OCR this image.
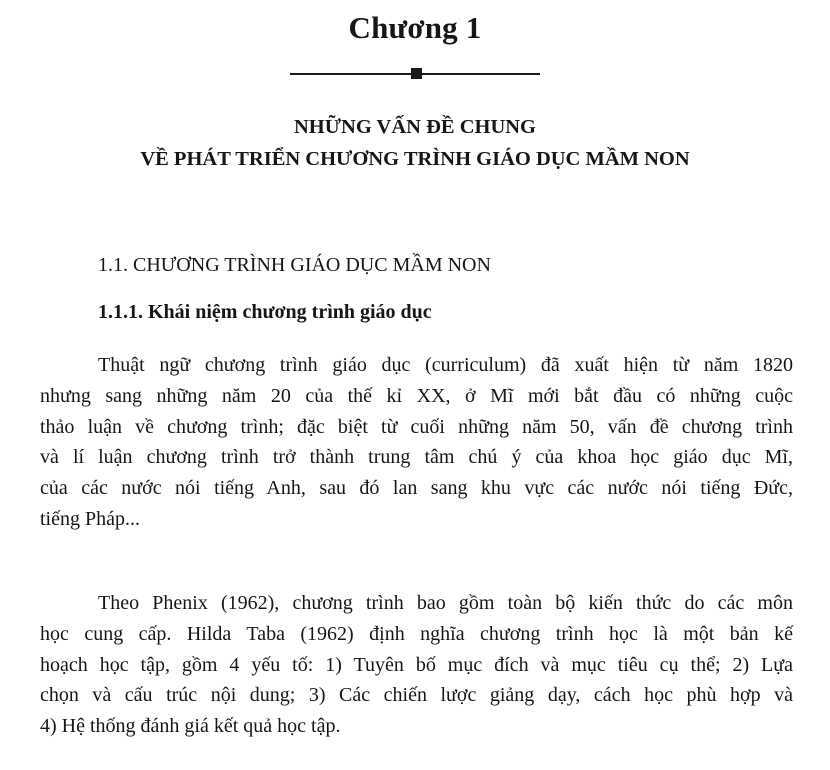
Chương 1
NHỮNG VẤN ĐỀ CHUNG
VỀ PHÁT TRIỂN CHƯƠNG TRÌNH GIÁO DỤC MẦM NON
1.1. CHƯƠNG TRÌNH GIÁO DỤC MẦM NON
1.1.1. Khái niệm chương trình giáo dục
Thuật ngữ chương trình giáo dục (curriculum) đã xuất hiện từ năm 1820
nhưng sang những năm 20 của thế kỉ XX, ở Mĩ mới bắt đầu có những cuộc
thảo luận về chương trình; đặc biệt từ cuối những năm 50, vấn đề chương trình
và lí luận chương trình trở thành trung tâm chú ý của khoa học giáo dục Mĩ,
của các nước nói tiếng Anh, sau đó lan sang khu vực các nước nói tiếng Đức,
tiếng Pháp...
Theo Phenix (1962), chương trình bao gồm toàn bộ kiến thức do các môn
học cung cấp. Hilda Taba (1962) định nghĩa chương trình học là một bản kế
hoạch học tập, gồm 4 yếu tố: 1) Tuyên bố mục đích và mục tiêu cụ thể; 2) Lựa
chọn và cấu trúc nội dung; 3) Các chiến lược giảng dạy, cách học phù hợp và
4) Hệ thống đánh giá kết quả học tập.
